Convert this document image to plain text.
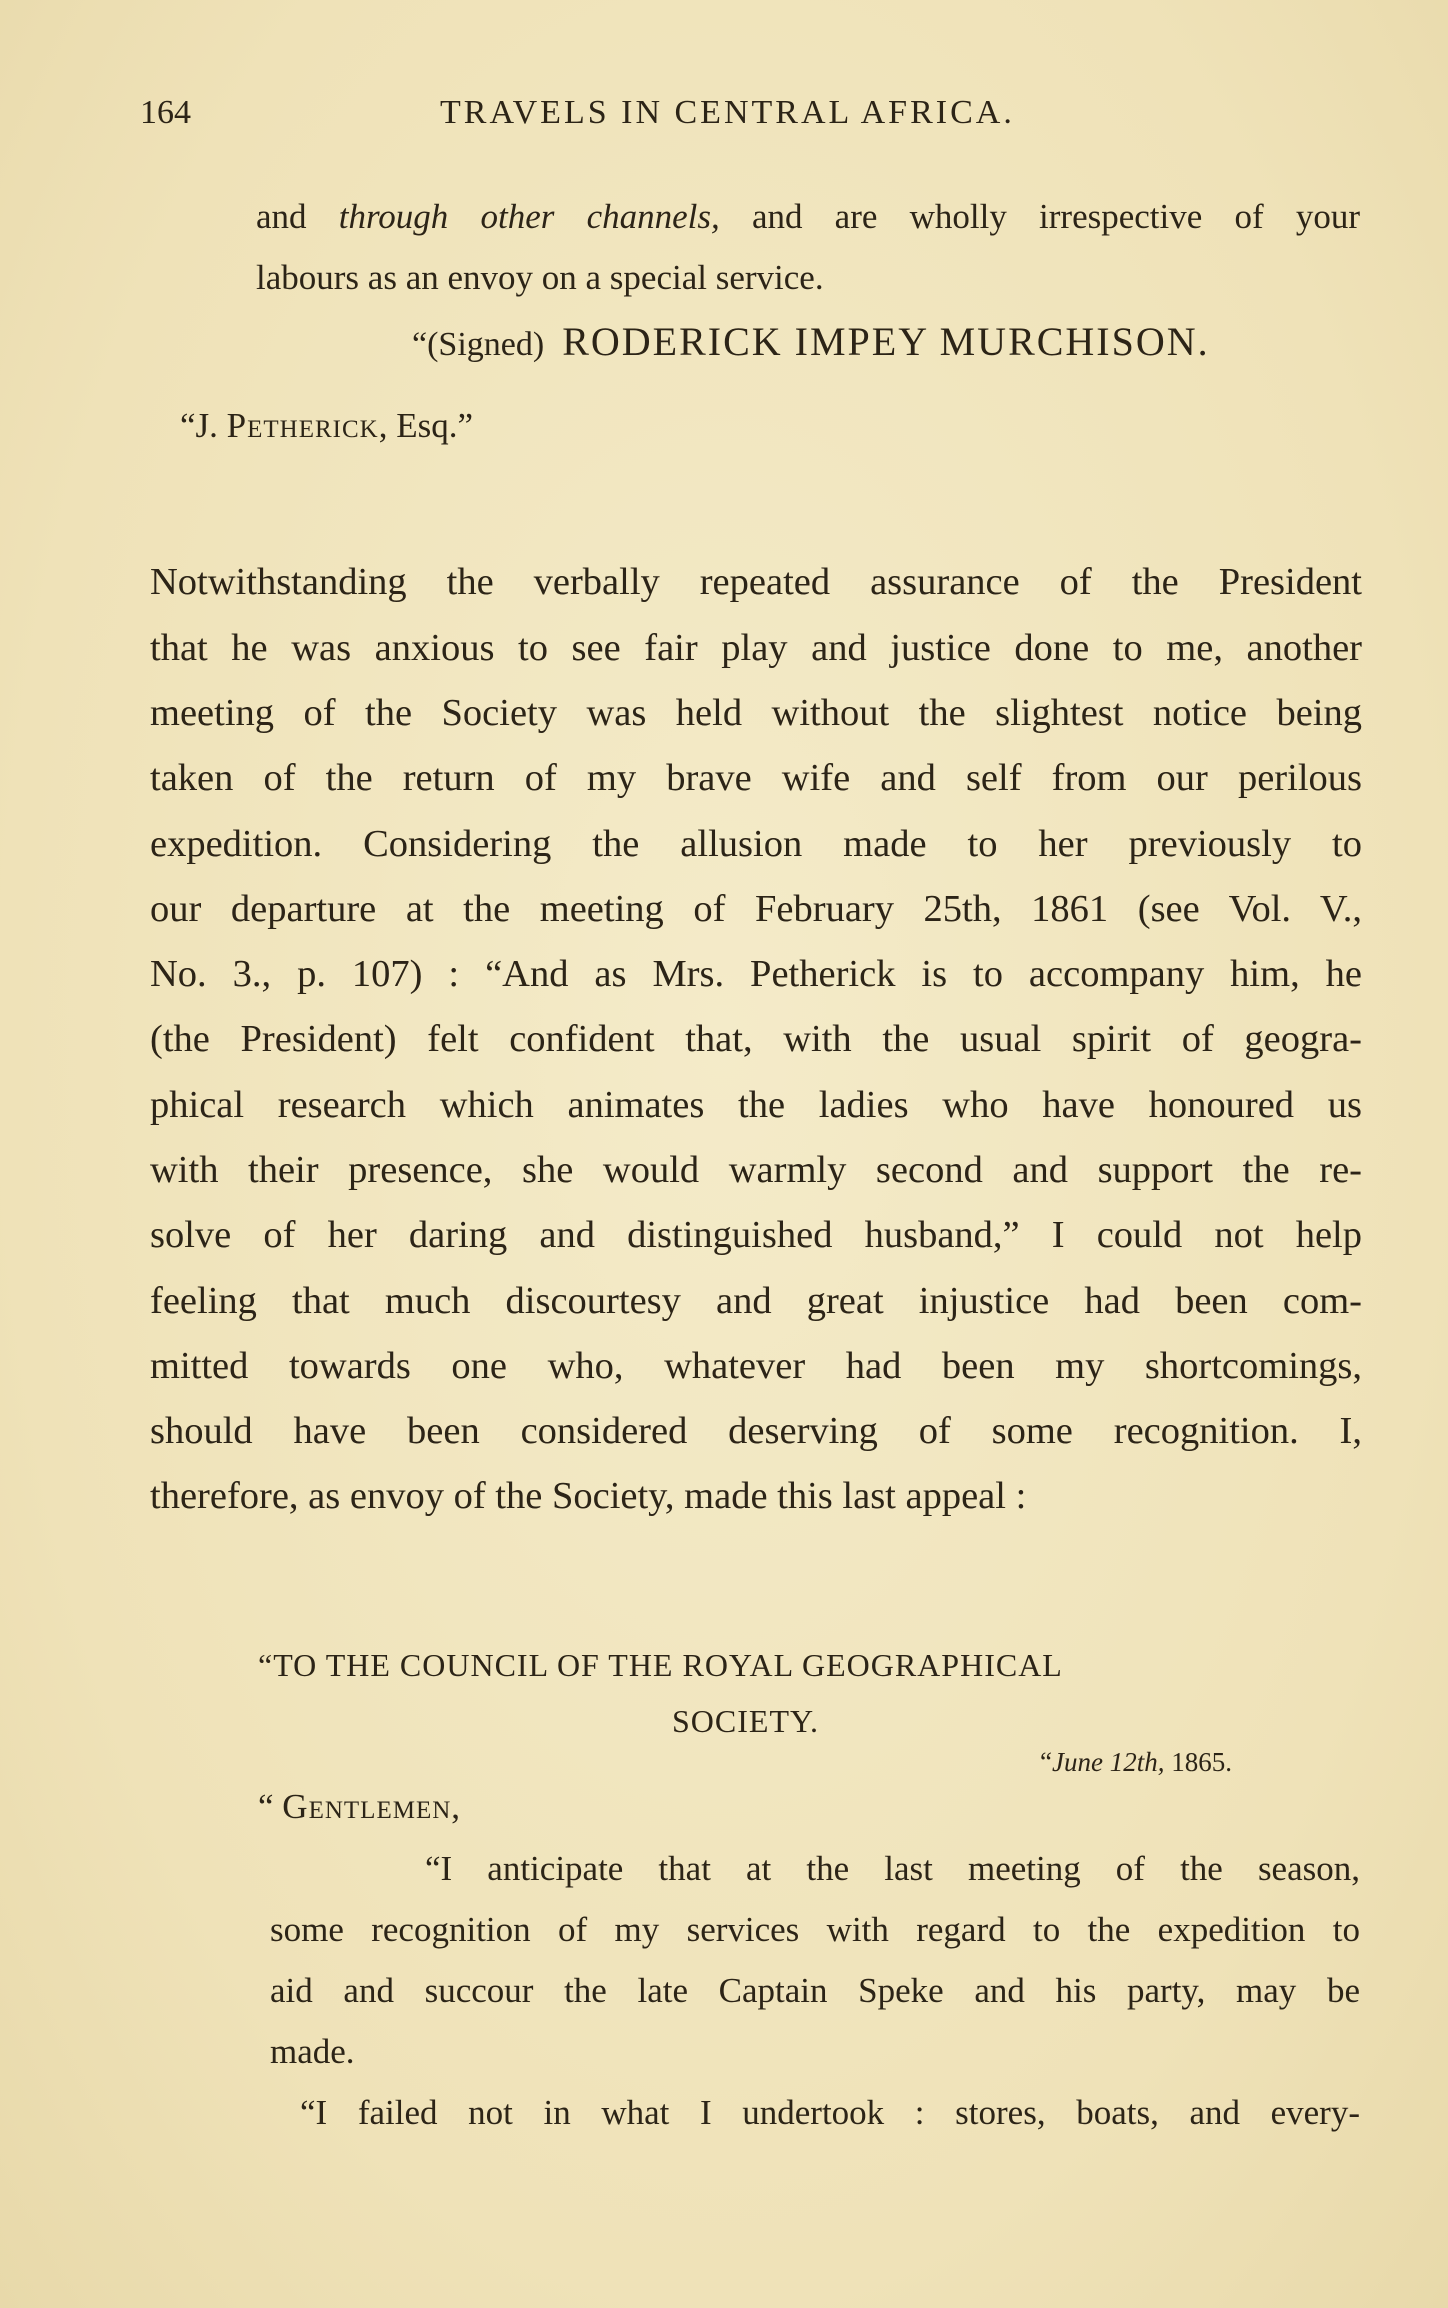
164	TRAVELS IN CENTRAL AFRICA.
and through other channels, and are wholly irrespective of your
labours as an envoy on a special service.
“(Signed) RODERICK IMPEY MURCHISON.
“J. Petherick, Esq.”
Notwithstanding the verbally repeated assurance of the President
that he was anxious to see fair play and justice done to me, another
meeting of the Society was held without the slightest notice being
taken of the return of my brave wife and self from our perilous
expedition. Considering the allusion made to her previously to
our departure at the meeting of February 25th, 1861 (see Vol. V.,
No. 3., p. 107) : “And as Mrs. Petherick is to accompany him, he
(the President) felt confident that, with the usual spirit of geogra-
phical research which animates the ladies who have honoured us
with their presence, she would warmly second and support the re-
solve of her daring and distinguished husband,” I could not help
feeling that much discourtesy and great injustice had been com-
mitted towards one who, whatever had been my shortcomings,
should have been considered deserving of some recognition. I,
therefore, as envoy of the Society, made this last appeal :
“TO THE COUNCIL OF THE ROYAL GEOGRAPHICAL
SOCIETY.
“June 12th, 1865.
“ Gentlemen,
“I anticipate that at the last meeting of the season,
some recognition of my services with regard to the expedition to
aid and succour the late Captain Speke and his party, may be
made.
“I failed not in what I undertook : stores, boats, and every-
